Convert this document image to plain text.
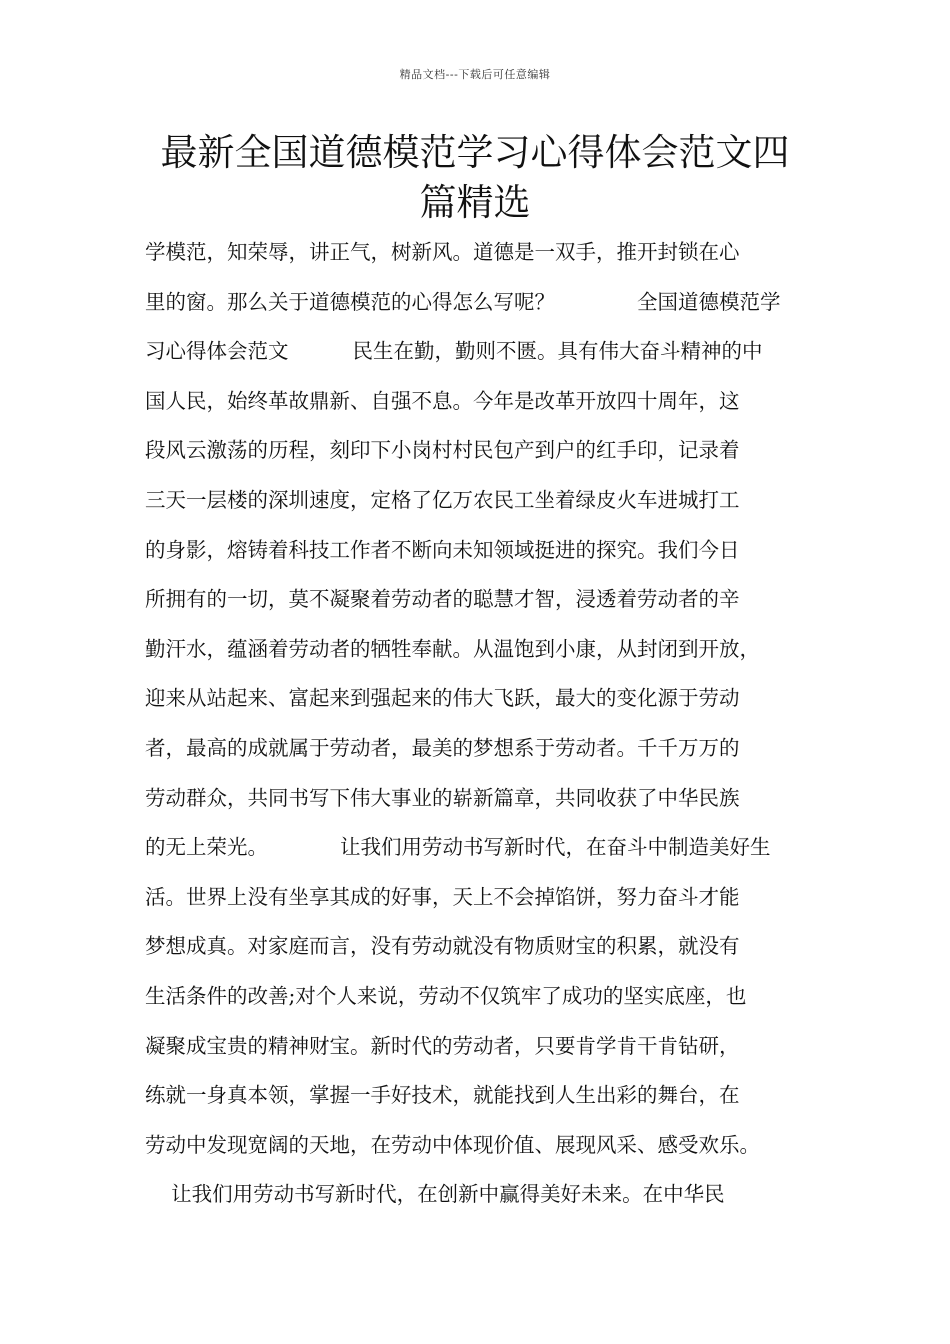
精品文档---下载后可任意编辑
最新全国道德模范学习心得体会范文四
篇精选
学模范，知荣辱，讲正气，树新风。道德是一双手，推开封锁在心
里的窗。那么关于道德模范的心得怎么写呢？	全国道德模范学
习心得体会范文	民生在勤，勤则不匮。具有伟大奋斗精神的中
国人民，始终革故鼎新、自强不息。今年是改革开放四十周年，这
段风云激荡的历程，刻印下小岗村村民包产到户的红手印，记录着
三天一层楼的深圳速度，定格了亿万农民工坐着绿皮火车进城打工
的身影，熔铸着科技工作者不断向未知领域挺进的探究。我们今日
所拥有的一切，莫不凝聚着劳动者的聪慧才智，浸透着劳动者的辛
勤汗水，蕴涵着劳动者的牺牲奉献。从温饱到小康，从封闭到开放，
迎来从站起来、富起来到强起来的伟大飞跃，最大的变化源于劳动
者，最高的成就属于劳动者，最美的梦想系于劳动者。千千万万的
劳动群众，共同书写下伟大事业的崭新篇章，共同收获了中华民族
的无上荣光。	让我们用劳动书写新时代，在奋斗中制造美好生
活。世界上没有坐享其成的好事，天上不会掉馅饼，努力奋斗才能
梦想成真。对家庭而言，没有劳动就没有物质财宝的积累，就没有
生活条件的改善;对个人来说，劳动不仅筑牢了成功的坚实底座，也
凝聚成宝贵的精神财宝。新时代的劳动者，只要肯学肯干肯钻研，
练就一身真本领，掌握一手好技术，就能找到人生出彩的舞台，在
劳动中发现宽阔的天地，在劳动中体现价值、展现风采、感受欢乐。
让我们用劳动书写新时代，在创新中赢得美好未来。在中华民
